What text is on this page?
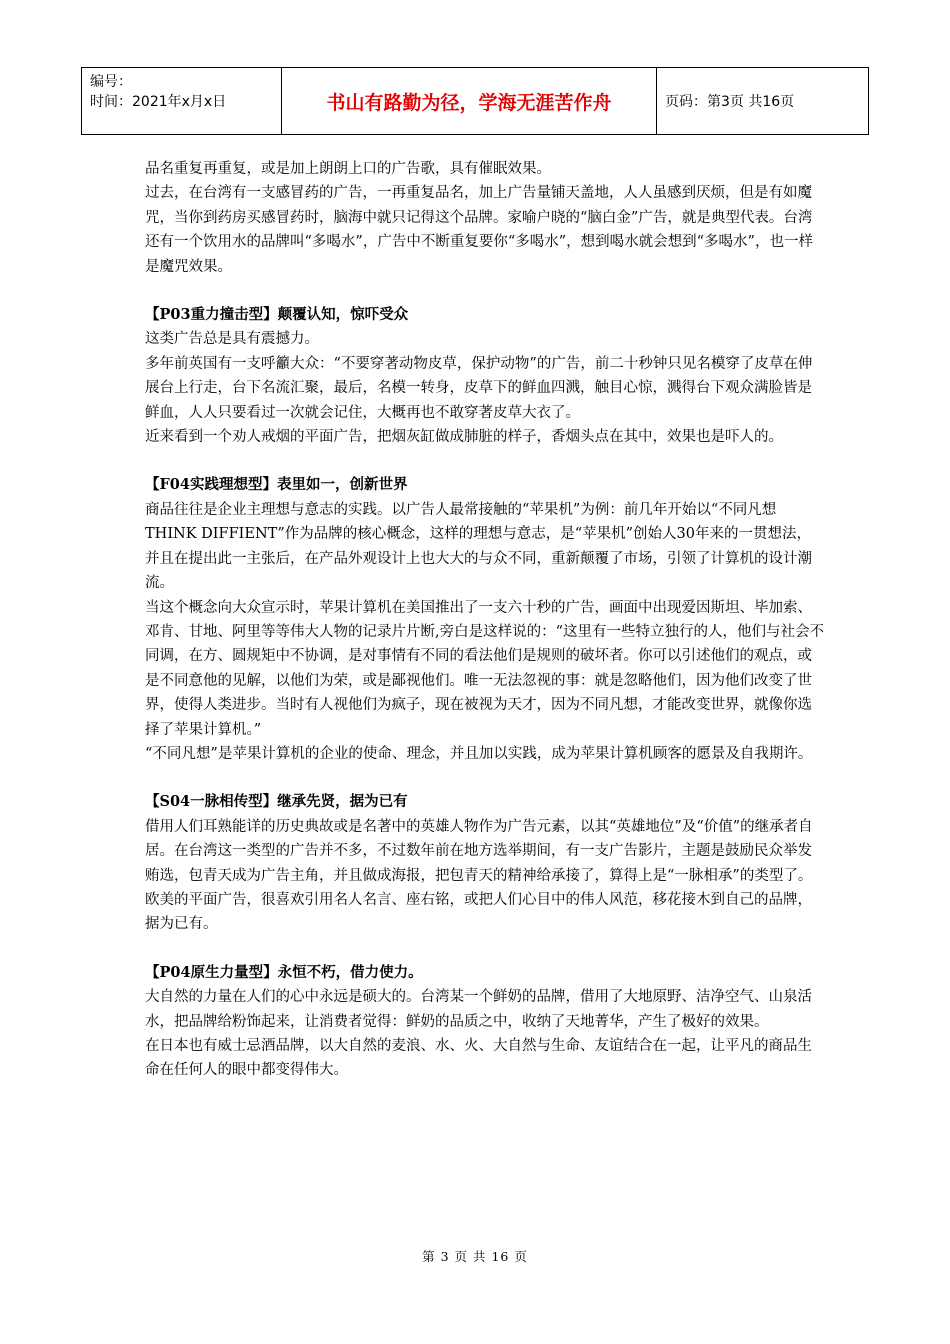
编号：
时间：2021年x月x日	书山有路勤为径，学海无涯苦作舟	页码：第3页 共16页

品名重复再重复，或是加上朗朗上口的广告歌，具有催眠效果。

过去，在台湾有一支感冒药的广告，一再重复品名，加上广告量铺天盖地，人人虽感到厌烦，但是有如魔咒，当你到药房买感冒药时，脑海中就只记得这个品牌。家喻户晓的“脑白金”广告，就是典型代表。台湾还有一个饮用水的品牌叫“多喝水”，广告中不断重复要你“多喝水”，想到喝水就会想到“多喝水”，也一样是魔咒效果。

【P03重力撞击型】颠覆认知，惊吓受众

这类广告总是具有震撼力。

多年前英国有一支呼籲大众：“不要穿著动物皮草，保护动物”的广告，前二十秒钟只见名模穿了皮草在伸展台上行走，台下名流汇聚，最后，名模一转身，皮草下的鲜血四溅，触目心惊，溅得台下观众满脸皆是鲜血，人人只要看过一次就会记住，大概再也不敢穿著皮草大衣了。

近来看到一个劝人戒烟的平面广告，把烟灰缸做成肺脏的样子，香烟头点在其中，效果也是吓人的。

【F04实践理想型】表里如一，创新世界

商品往往是企业主理想与意志的实践。以广告人最常接触的“苹果机”为例：前几年开始以“不同凡想THINK DIFFIENT”作为品牌的核心概念，这样的理想与意志，是“苹果机”创始人30年来的一贯想法，并且在提出此一主张后，在产品外观设计上也大大的与众不同，重新颠覆了市场，引领了计算机的设计潮流。

当这个概念向大众宣示时，苹果计算机在美国推出了一支六十秒的广告，画面中出现爱因斯坦、毕加索、邓肯、甘地、阿里等等伟大人物的记录片片断,旁白是这样说的：“这里有一些特立独行的人，他们与社会不同调，在方、圆规矩中不协调，是对事情有不同的看法他们是规则的破坏者。你可以引述他们的观点，或是不同意他的见解，以他们为荣，或是鄙视他们。唯一无法忽视的事：就是忽略他们，因为他们改变了世界，使得人类进步。当时有人视他们为疯子，现在被视为天才，因为不同凡想，才能改变世界，就像你选择了苹果计算机。”

“不同凡想”是苹果计算机的企业的使命、理念，并且加以实践，成为苹果计算机顾客的愿景及自我期许。

【S04一脉相传型】继承先贤，据为已有

借用人们耳熟能详的历史典故或是名著中的英雄人物作为广告元素，以其“英雄地位”及“价值”的继承者自居。在台湾这一类型的广告并不多，不过数年前在地方选举期间，有一支广告影片，主题是鼓励民众举发贿选，包青天成为广告主角，并且做成海报，把包青天的精神给承接了，算得上是“一脉相承”的类型了。欧美的平面广告，很喜欢引用名人名言、座右铭，或把人们心目中的伟人风范，移花接木到自己的品牌，据为已有。

【P04原生力量型】永恒不朽，借力使力。

大自然的力量在人们的心中永远是硕大的。台湾某一个鲜奶的品牌，借用了大地原野、洁净空气、山泉活水，把品牌给粉饰起来，让消费者觉得：鲜奶的品质之中，收纳了天地菁华，产生了极好的效果。

在日本也有威士忌酒品牌，以大自然的麦浪、水、火、大自然与生命、友谊结合在一起，让平凡的商品生命在任何人的眼中都变得伟大。

第 3 页 共 16 页
